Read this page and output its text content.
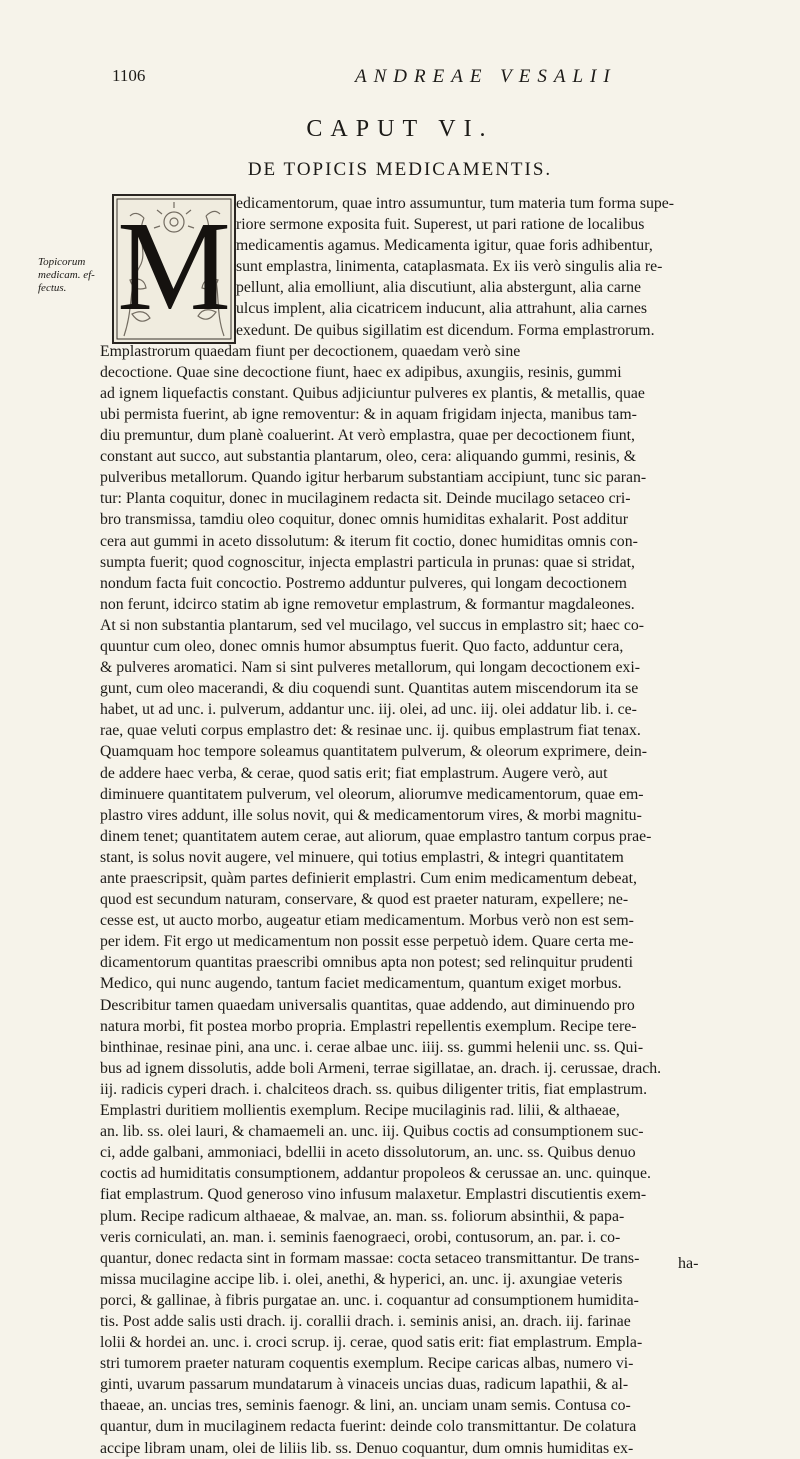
1106	ANDREAE VESALII
CAPUT VI.
DE TOPICIS MEDICAMENTIS.
Topicorum
medicam. ef-
fectus. M edicamentorum, quae intro assumuntur, tum materia tum forma supe-
riore sermone exposita fuit. Superest, ut pari ratione de localibus
medicamentis agamus. Medicamenta igitur, quae foris adhibentur,
sunt emplastra, linimenta, cataplasmata. Ex iis verò singulis alia re-
pellunt, alia emolliunt, alia discutiunt, alia abstergunt, alia carne
ulcus implent, alia cicatricem inducunt, alia attrahunt, alia carnes
exedunt. De quibus sigillatim est dicendum. Forma emplastrorum.
Emplastrorum quaedam fiunt per decoctionem, quaedam verò sine
decoctione. Quae sine decoctione fiunt, haec ex adipibus, axungiis, resinis, gummi
ad ignem liquefactis constant. Quibus adjiciuntur pulveres ex plantis, & metallis, quae
ubi permista fuerint, ab igne removentur: & in aquam frigidam injecta, manibus tam-
diu premuntur, dum planè coaluerint. At verò emplastra, quae per decoctionem fiunt,
constant aut succo, aut substantia plantarum, oleo, cera: aliquando gummi, resinis, &
pulveribus metallorum. Quando igitur herbarum substantiam accipiunt, tunc sic paran-
tur: Planta coquitur, donec in mucilaginem redacta sit. Deinde mucilago setaceo cri-
bro transmissa, tamdiu oleo coquitur, donec omnis humiditas exhalarit. Post additur
cera aut gummi in aceto dissolutum: & iterum fit coctio, donec humiditas omnis con-
sumpta fuerit; quod cognoscitur, injecta emplastri particula in prunas: quae si stridat,
nondum facta fuit concoctio. Postremo adduntur pulveres, qui longam decoctionem
non ferunt, idcirco statim ab igne removetur emplastrum, & formantur magdaleones.
At si non substantia plantarum, sed vel mucilago, vel succus in emplastro sit; haec co-
quuntur cum oleo, donec omnis humor absumptus fuerit. Quo facto, adduntur cera,
& pulveres aromatici. Nam si sint pulveres metallorum, qui longam decoctionem exi-
gunt, cum oleo macerandi, & diu coquendi sunt. Quantitas autem miscendorum ita se
habet, ut ad unc. i. pulverum, addantur unc. iij. olei, ad unc. iij. olei addatur lib. i. ce-
rae, quae veluti corpus emplastro det: & resinae unc. ij. quibus emplastrum fiat tenax.
Quamquam hoc tempore soleamus quantitatem pulverum, & oleorum exprimere, dein-
de addere haec verba, & cerae, quod satis erit; fiat emplastrum. Augere verò, aut
diminuere quantitatem pulverum, vel oleorum, aliorumve medicamentorum, quae em-
plastro vires addunt, ille solus novit, qui & medicamentorum vires, & morbi magnitu-
dinem tenet; quantitatem autem cerae, aut aliorum, quae emplastro tantum corpus prae-
stant, is solus novit augere, vel minuere, qui totius emplastri, & integri quantitatem
ante praescripsit, quàm partes definierit emplastri. Cum enim medicamentum debeat,
quod est secundum naturam, conservare, & quod est praeter naturam, expellere; ne-
cesse est, ut aucto morbo, augeatur etiam medicamentum. Morbus verò non est sem-
per idem. Fit ergo ut medicamentum non possit esse perpetuò idem. Quare certa me-
dicamentorum quantitas praescribi omnibus apta non potest; sed relinquitur prudenti
Medico, qui nunc augendo, tantum faciet medicamentum, quantum exiget morbus.
Describitur tamen quaedam universalis quantitas, quae addendo, aut diminuendo pro
natura morbi, fit postea morbo propria. Emplastri repellentis exemplum. Recipe tere-
binthinae, resinae pini, ana unc. i. cerae albae unc. iiij. ss. gummi helenii unc. ss. Qui-
bus ad ignem dissolutis, adde boli Armeni, terrae sigillatae, an. drach. ij. cerussae, drach.
iij. radicis cyperi drach. i. chalciteos drach. ss. quibus diligenter tritis, fiat emplastrum.
Emplastri duritiem mollientis exemplum. Recipe mucilaginis rad. lilii, & althaeae,
an. lib. ss. olei lauri, & chamaemeli an. unc. iij. Quibus coctis ad consumptionem suc-
ci, adde galbani, ammoniaci, bdellii in aceto dissolutorum, an. unc. ss. Quibus denuo
coctis ad humiditatis consumptionem, addantur propoleos & cerussae an. unc. quinque.
fiat emplastrum. Quod generoso vino infusum malaxetur. Emplastri discutientis exem-
plum. Recipe radicum althaeae, & malvae, an. man. ss. foliorum absinthii, & papa-
veris corniculati, an. man. i. seminis faenograeci, orobi, contusorum, an. par. i. co-
quantur, donec redacta sint in formam massae: cocta setaceo transmittantur. De trans-
missa mucilagine accipe lib. i. olei, anethi, & hyperici, an. unc. ij. axungiae veteris
porci, & gallinae, à fibris purgatae an. unc. i. coquantur ad consumptionem humidita-
tis. Post adde salis usti drach. ij. corallii drach. i. seminis anisi, an. drach. iij. farinae
lolii & hordei an. unc. i. croci scrup. ij. cerae, quod satis erit: fiat emplastrum. Empla-
stri tumorem praeter naturam coquentis exemplum. Recipe caricas albas, numero vi-
ginti, uvarum passarum mundatarum à vinaceis uncias duas, radicum lapathii, & al-
thaeae, an. uncias tres, seminis faenogr. & lini, an. unciam unam semis. Contusa co-
quantur, dum in mucilaginem redacta fuerint: deinde colo transmittantur. De colatura
accipe libram unam, olei de liliis lib. ss. Denuo coquantur, dum omnis humiditas ex-
ha-
